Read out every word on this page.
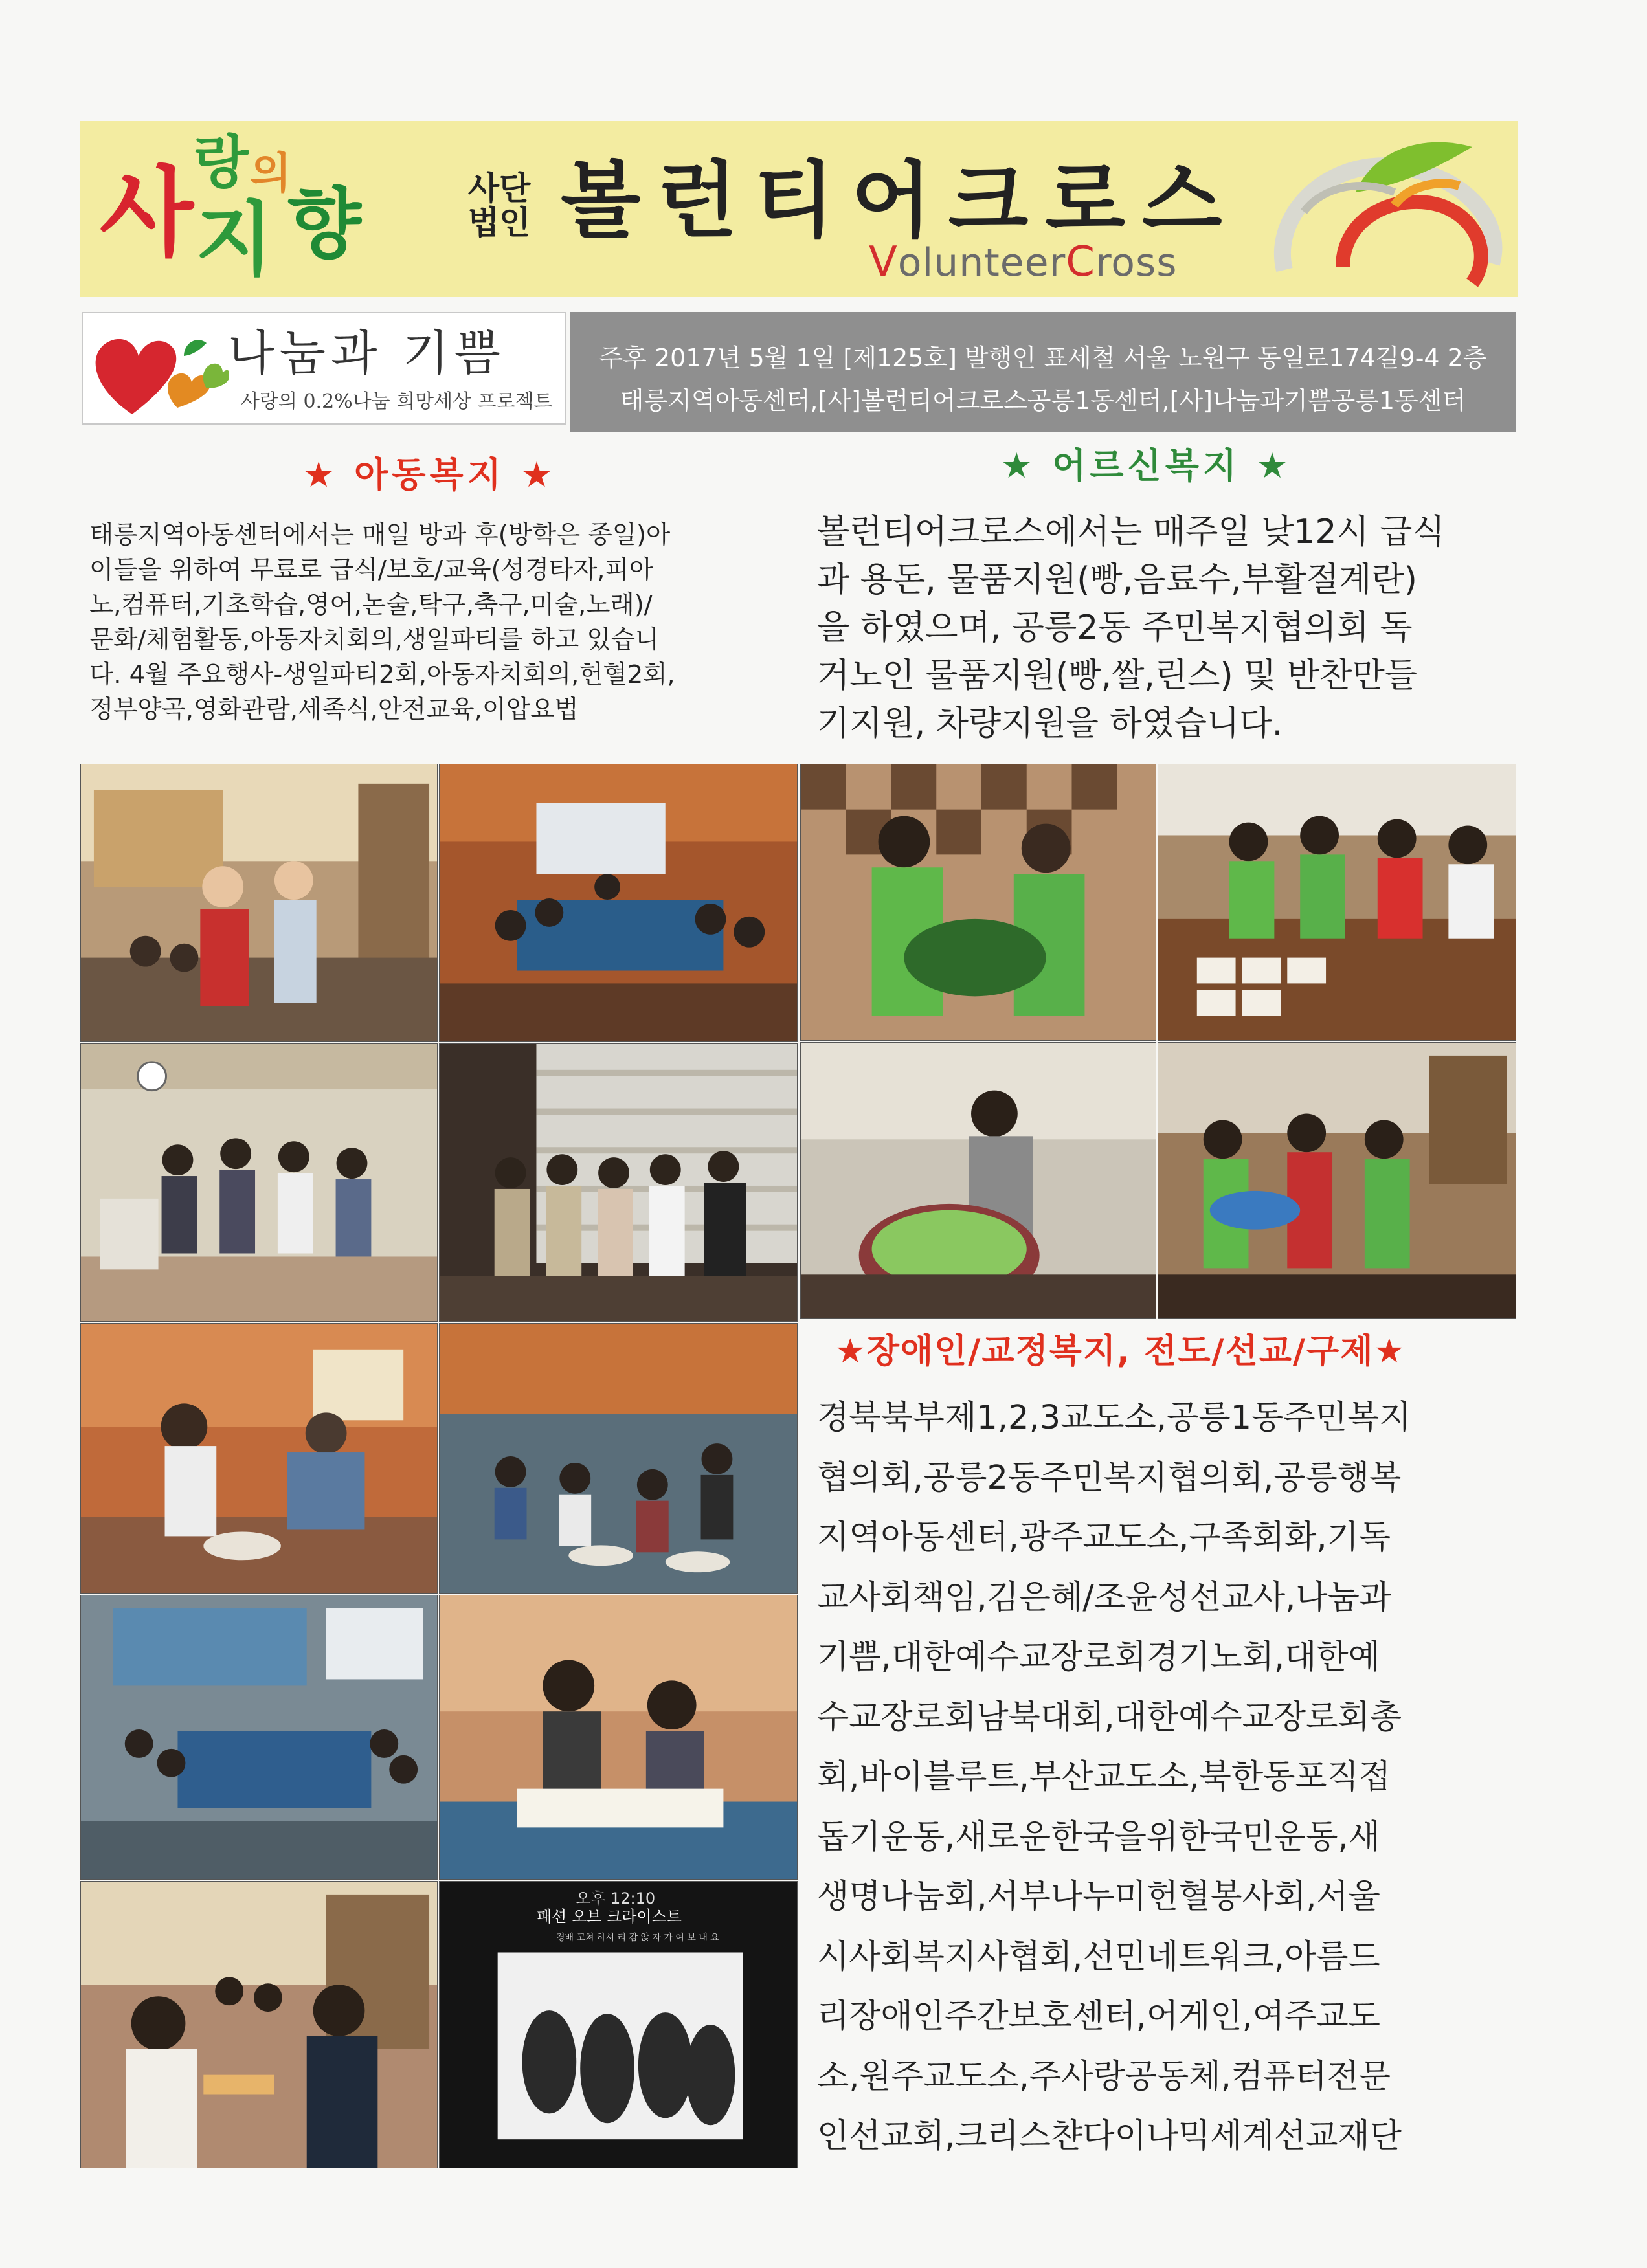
사 랑 의
지 향	사단법인 볼런티어크로스
VolunteerCross
나눔과 기쁨
사랑의 0.2%나눔 희망세상 프로젝트
주후 2017년 5월 1일 [제125호] 발행인 표세철 서울 노원구 동일로174길9-4 2층
태릉지역아동센터,[사]볼런티어크로스공릉1동센터,[사]나눔과기쁨공릉1동센터
★ 아동복지 ★	★ 어르신복지 ★
★장애인/교정복지, 전도/선교/구제★
태릉지역아동센터에서는 매일 방과 후(방학은 종일)아
이들을 위하여 무료로 급식/보호/교육(성경타자,피아
노,컴퓨터,기초학습,영어,논술,탁구,축구,미술,노래)/
문화/체험활동,아동자치회의,생일파티를 하고 있습니
다. 4월 주요행사-생일파티2회,아동자치회의,헌혈2회,
정부양곡,영화관람,세족식,안전교육,이압요법
볼런티어크로스에서는 매주일 낮12시 급식
과 용돈, 물품지원(빵,음료수,부활절계란)
을 하였으며, 공릉2동 주민복지협의회 독
거노인 물품지원(빵,쌀,린스) 및 반찬만들
기지원, 차량지원을 하였습니다.
경북북부제1,2,3교도소,공릉1동주민복지
협의회,공릉2동주민복지협의회,공릉행복
지역아동센터,광주교도소,구족회화,기독
교사회책임,김은혜/조윤성선교사,나눔과
기쁨,대한예수교장로회경기노회,대한예
수교장로회남북대회,대한예수교장로회총
회,바이블루트,부산교도소,북한동포직접
돕기운동,새로운한국을위한국민운동,새
생명나눔회,서부나누미헌혈봉사회,서울
시사회복지사협회,선민네트워크,아름드
리장애인주간보호센터,어게인,여주교도
소,원주교도소,주사랑공동체,컴퓨터전문
인선교회,크리스챤다이나믹세계선교재단
오후 12:10
패션 오브 크라이스트
경배 고쳐 하셔 리 감 앉 자 가 여 보 내 요
